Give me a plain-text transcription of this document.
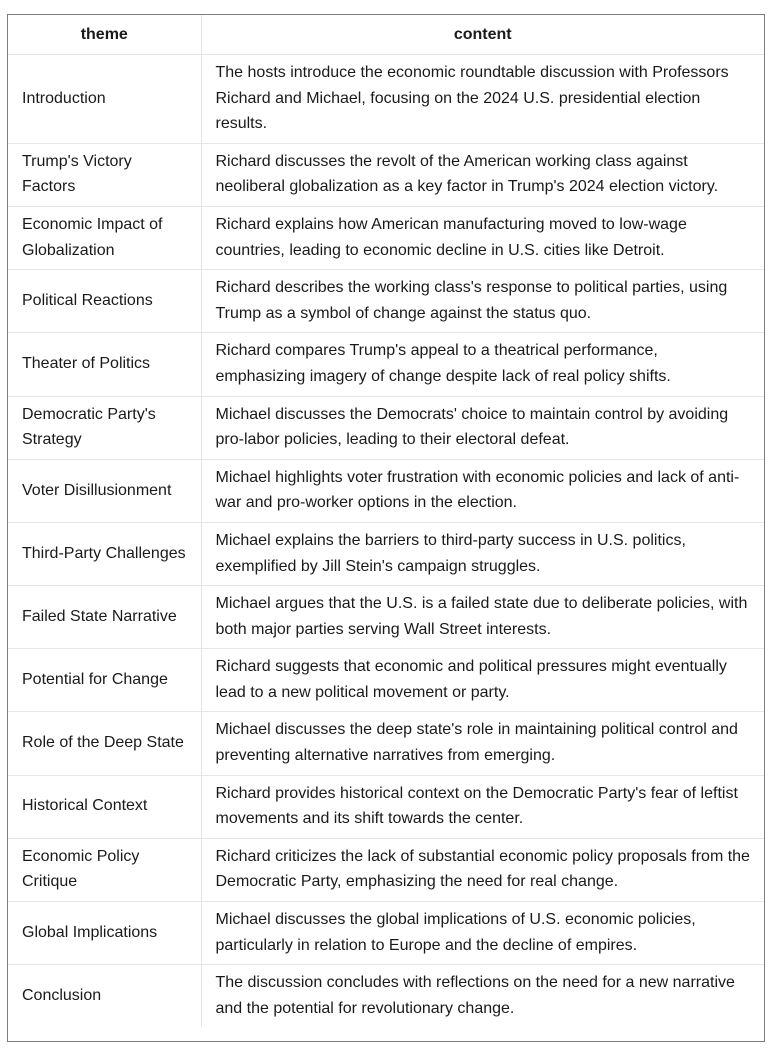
theme	content
Introduction	The hosts introduce the economic roundtable discussion with Professors Richard and Michael, focusing on the 2024 U.S. presidential election results.
Trump's Victory Factors	Richard discusses the revolt of the American working class against neoliberal globalization as a key factor in Trump's 2024 election victory.
Economic Impact of Globalization	Richard explains how American manufacturing moved to low-wage countries, leading to economic decline in U.S. cities like Detroit.
Political Reactions	Richard describes the working class's response to political parties, using Trump as a symbol of change against the status quo.
Theater of Politics	Richard compares Trump's appeal to a theatrical performance, emphasizing imagery of change despite lack of real policy shifts.
Democratic Party's Strategy	Michael discusses the Democrats' choice to maintain control by avoiding pro-labor policies, leading to their electoral defeat.
Voter Disillusionment	Michael highlights voter frustration with economic policies and lack of anti-war and pro-worker options in the election.
Third-Party Challenges	Michael explains the barriers to third-party success in U.S. politics, exemplified by Jill Stein's campaign struggles.
Failed State Narrative	Michael argues that the U.S. is a failed state due to deliberate policies, with both major parties serving Wall Street interests.
Potential for Change	Richard suggests that economic and political pressures might eventually lead to a new political movement or party.
Role of the Deep State	Michael discusses the deep state's role in maintaining political control and preventing alternative narratives from emerging.
Historical Context	Richard provides historical context on the Democratic Party's fear of leftist movements and its shift towards the center.
Economic Policy Critique	Richard criticizes the lack of substantial economic policy proposals from the Democratic Party, emphasizing the need for real change.
Global Implications	Michael discusses the global implications of U.S. economic policies, particularly in relation to Europe and the decline of empires.
Conclusion	The discussion concludes with reflections on the need for a new narrative and the potential for revolutionary change.
